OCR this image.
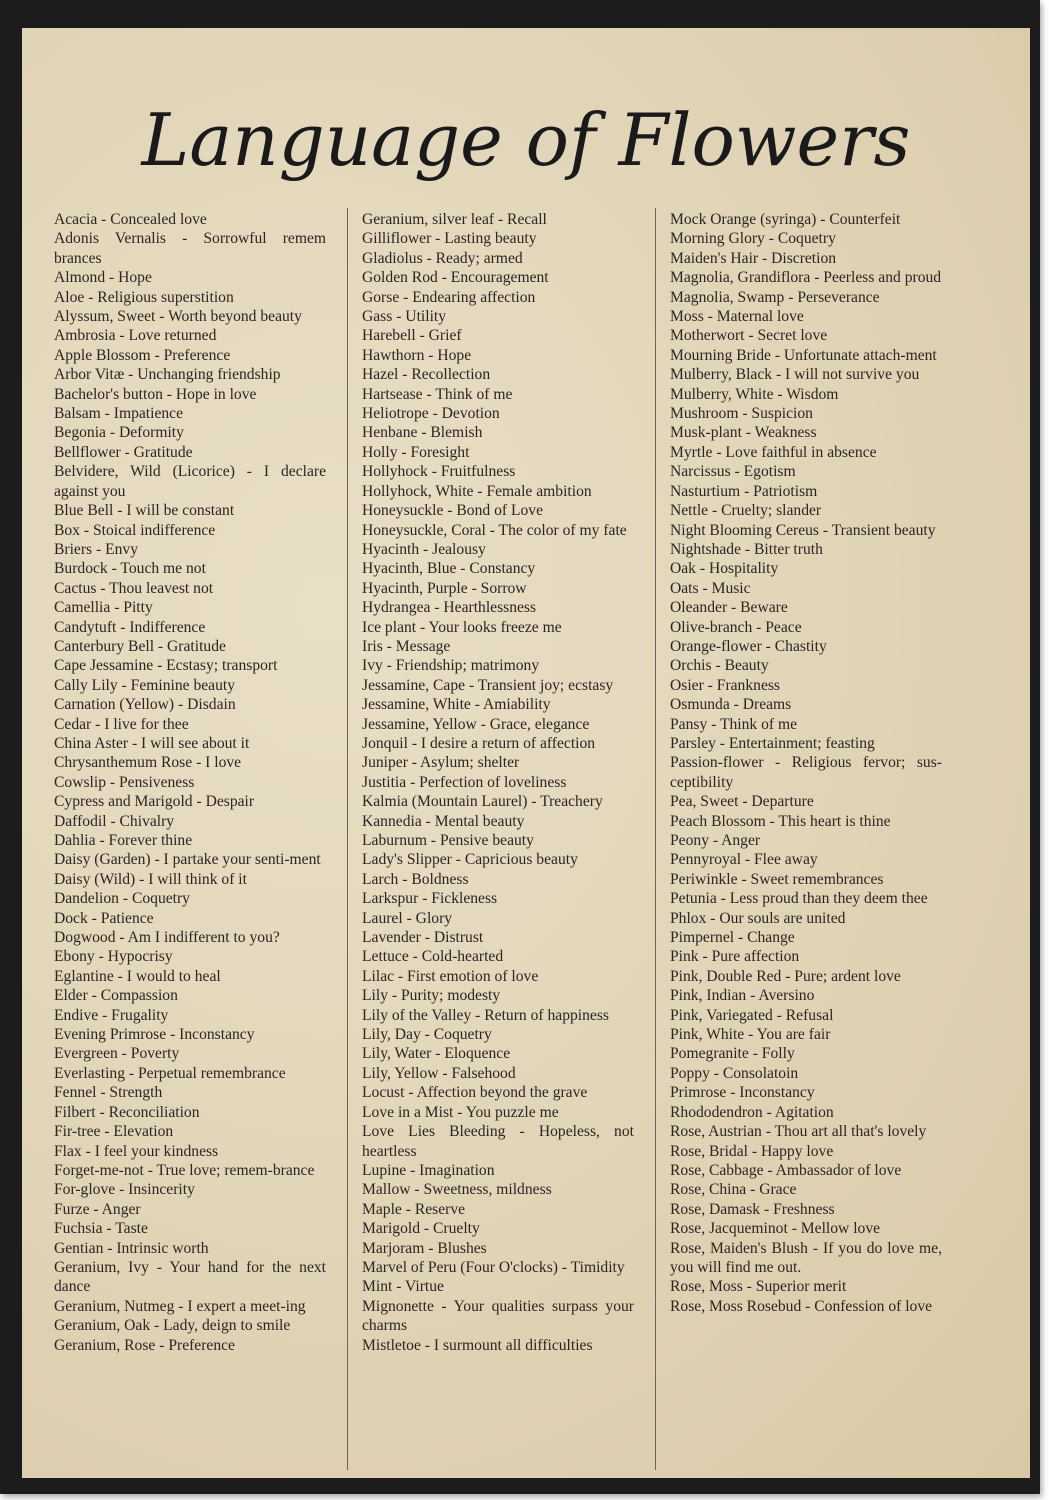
Language of Flowers
Acacia - Concealed love
Adonis Vernalis - Sorrowful remem brances
Almond - Hope
Aloe - Religious superstition
Alyssum, Sweet - Worth beyond beauty
Ambrosia - Love returned
Apple Blossom - Preference
Arbor Vitæ - Unchanging friendship
Bachelor's button - Hope in love
Balsam - Impatience
Begonia - Deformity
Bellflower - Gratitude
Belvidere, Wild (Licorice) - I declare against you
Blue Bell - I will be constant
Box - Stoical indifference
Briers - Envy
Burdock - Touch me not
Cactus - Thou leavest not
Camellia - Pitty
Candytuft - Indifference
Canterbury Bell - Gratitude
Cape Jessamine - Ecstasy; transport
Cally Lily - Feminine beauty
Carnation (Yellow) - Disdain
Cedar - I live for thee
China Aster - I will see about it
Chrysanthemum Rose - I love
Cowslip - Pensiveness
Cypress and Marigold - Despair
Daffodil - Chivalry
Dahlia - Forever thine
Daisy (Garden) - I partake your senti-ment
Daisy (Wild) - I will think of it
Dandelion - Coquetry
Dock - Patience
Dogwood - Am I indifferent to you?
Ebony - Hypocrisy
Eglantine - I would to heal
Elder - Compassion
Endive - Frugality
Evening Primrose - Inconstancy
Evergreen - Poverty
Everlasting - Perpetual remembrance
Fennel - Strength
Filbert - Reconciliation
Fir-tree - Elevation
Flax - I feel your kindness
Forget-me-not - True love; remem-brance
For-glove - Insincerity
Furze - Anger
Fuchsia - Taste
Gentian - Intrinsic worth
Geranium, Ivy - Your hand for the next dance
Geranium, Nutmeg - I expert a meet-ing
Geranium, Oak - Lady, deign to smile
Geranium, Rose - Preference
Geranium, silver leaf - Recall
Gilliflower - Lasting beauty
Gladiolus - Ready; armed
Golden Rod - Encouragement
Gorse - Endearing affection
Gass - Utility
Harebell - Grief
Hawthorn - Hope
Hazel - Recollection
Hartsease - Think of me
Heliotrope - Devotion
Henbane - Blemish
Holly - Foresight
Hollyhock - Fruitfulness
Hollyhock, White - Female ambition
Honeysuckle - Bond of Love
Honeysuckle, Coral - The color of my fate
Hyacinth - Jealousy
Hyacinth, Blue - Constancy
Hyacinth, Purple - Sorrow
Hydrangea - Hearthlessness
Ice plant - Your looks freeze me
Iris - Message
Ivy - Friendship; matrimony
Jessamine, Cape - Transient joy; ecstasy
Jessamine, White - Amiability
Jessamine, Yellow - Grace, elegance
Jonquil - I desire a return of affection
Juniper - Asylum; shelter
Justitia - Perfection of loveliness
Kalmia (Mountain Laurel) - Treachery
Kannedia - Mental beauty
Laburnum - Pensive beauty
Lady's Slipper - Capricious beauty
Larch - Boldness
Larkspur - Fickleness
Laurel - Glory
Lavender - Distrust
Lettuce - Cold-hearted
Lilac - First emotion of love
Lily - Purity; modesty
Lily of the Valley - Return of happiness
Lily, Day - Coquetry
Lily, Water - Eloquence
Lily, Yellow - Falsehood
Locust - Affection beyond the grave
Love in a Mist - You puzzle me
Love Lies Bleeding - Hopeless, not heartless
Lupine - Imagination
Mallow - Sweetness, mildness
Maple - Reserve
Marigold - Cruelty
Marjoram - Blushes
Marvel of Peru (Four O'clocks) - Timidity
Mint - Virtue
Mignonette - Your qualities surpass your charms
Mistletoe - I surmount all difficulties
Mock Orange (syringa) - Counterfeit
Morning Glory - Coquetry
Maiden's Hair - Discretion
Magnolia, Grandiflora - Peerless and proud
Magnolia, Swamp - Perseverance
Moss - Maternal love
Motherwort - Secret love
Mourning Bride - Unfortunate attach-ment
Mulberry, Black - I will not survive you
Mulberry, White - Wisdom
Mushroom - Suspicion
Musk-plant - Weakness
Myrtle - Love faithful in absence
Narcissus - Egotism
Nasturtium - Patriotism
Nettle - Cruelty; slander
Night Blooming Cereus - Transient beauty
Nightshade - Bitter truth
Oak - Hospitality
Oats - Music
Oleander - Beware
Olive-branch - Peace
Orange-flower - Chastity
Orchis - Beauty
Osier - Frankness
Osmunda - Dreams
Pansy - Think of me
Parsley - Entertainment; feasting
Passion-flower - Religious fervor; sus-ceptibility
Pea, Sweet - Departure
Peach Blossom - This heart is thine
Peony - Anger
Pennyroyal - Flee away
Periwinkle - Sweet remembrances
Petunia - Less proud than they deem thee
Phlox - Our souls are united
Pimpernel - Change
Pink - Pure affection
Pink, Double Red - Pure; ardent love
Pink, Indian - Aversino
Pink, Variegated - Refusal
Pink, White - You are fair
Pomegranite - Folly
Poppy - Consolatoin
Primrose - Inconstancy
Rhododendron - Agitation
Rose, Austrian - Thou art all that's lovely
Rose, Bridal - Happy love
Rose, Cabbage - Ambassador of love
Rose, China - Grace
Rose, Damask - Freshness
Rose, Jacqueminot - Mellow love
Rose, Maiden's Blush - If you do love me, you will find me out.
Rose, Moss - Superior merit
Rose, Moss Rosebud - Confession of love
